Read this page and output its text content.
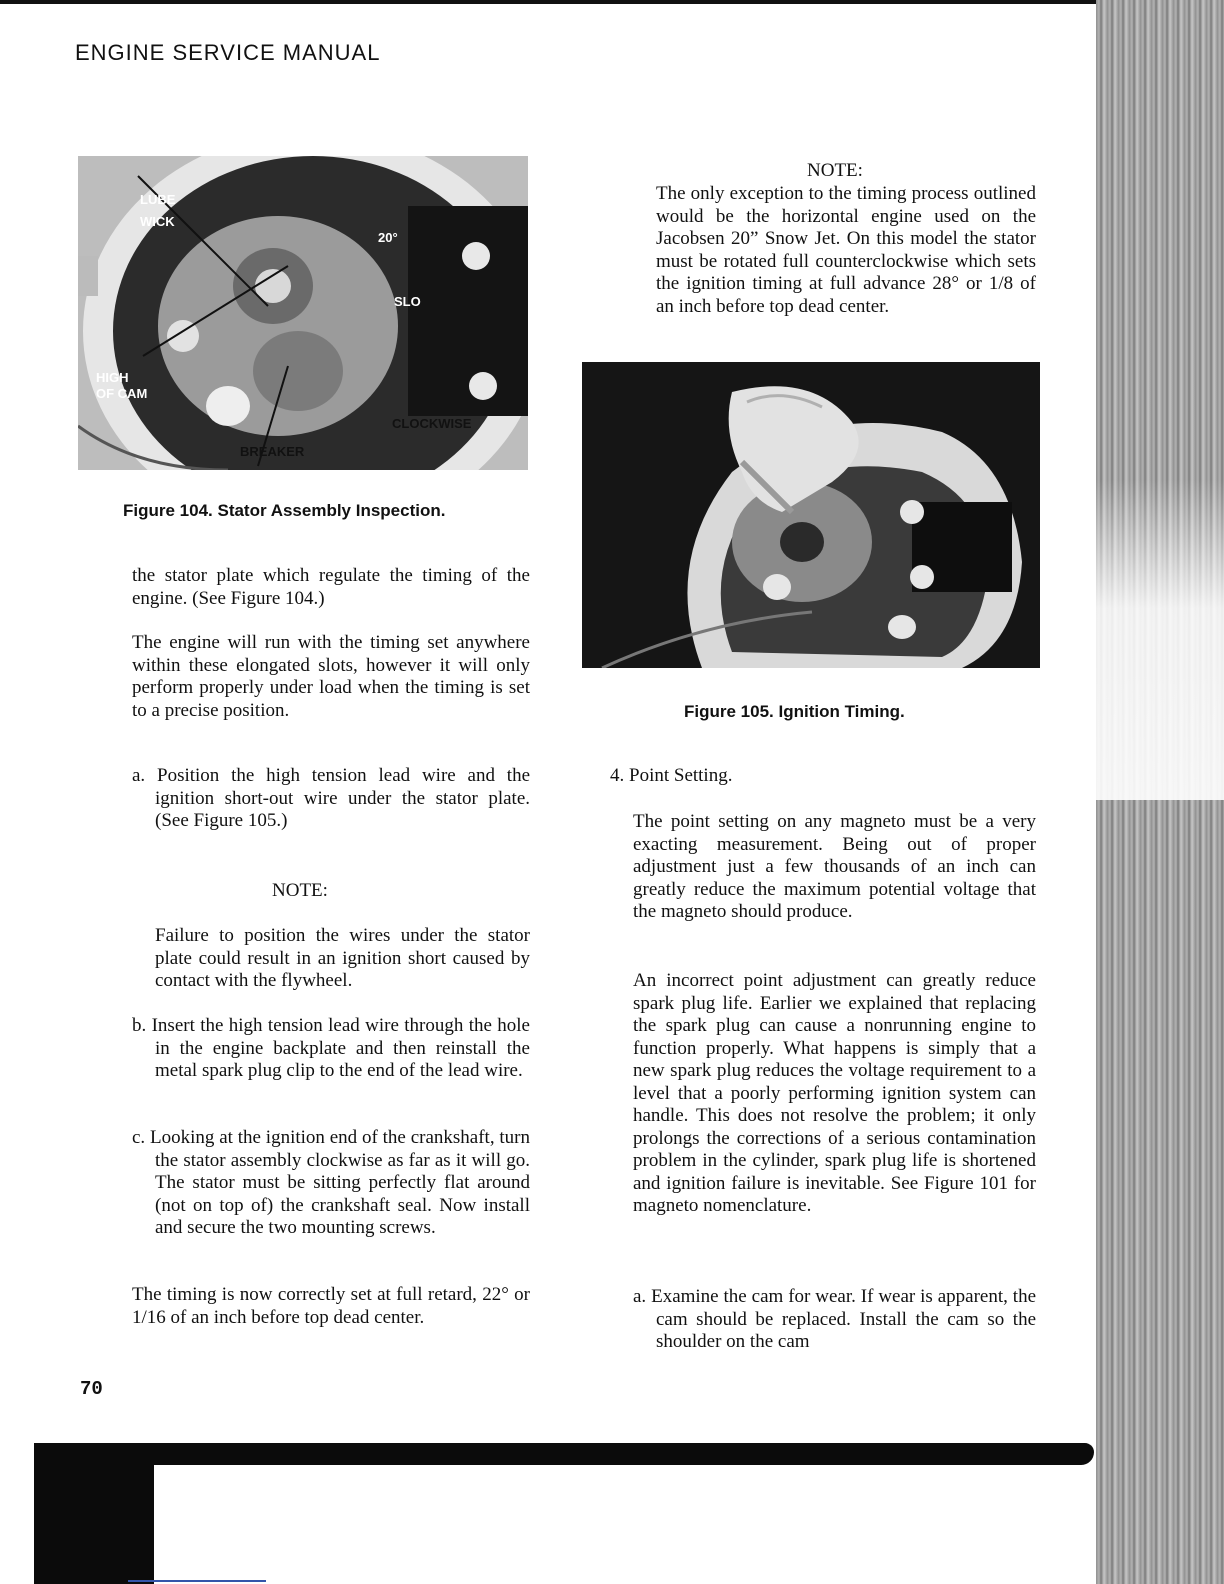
ENGINE SERVICE MANUAL
LUBE
WICK
20°
SLO
HIGH
OF CAM
CLOCKWISE
BREAKER
Figure 104. Stator Assembly Inspection.
Figure 105. Ignition Timing.
the stator plate which regulate the timing of the engine. (See Figure 104.)
The engine will run with the timing set anywhere within these elongated slots, however it will only perform properly under load when the timing is set to a precise position.
a. Position the high tension lead wire and the ignition short-out wire under the stator plate. (See Figure 105.)
NOTE:
Failure to position the wires under the stator plate could result in an ignition short caused by contact with the flywheel.
b. Insert the high tension lead wire through the hole in the engine backplate and then reinstall the metal spark plug clip to the end of the lead wire.
c. Looking at the ignition end of the crankshaft, turn the stator assembly clockwise as far as it will go. The stator must be sitting perfectly flat around (not on top of) the crankshaft seal. Now install and secure the two mounting screws.
The timing is now correctly set at full retard, 22° or 1/16 of an inch before top dead center.
NOTE:
The only exception to the timing process outlined would be the horizontal engine used on the Jacobsen 20” Snow Jet. On this model the stator must be rotated full counterclockwise which sets the ignition timing at full advance 28° or 1/8 of an inch before top dead center.
4. Point Setting.
The point setting on any magneto must be a very exacting measurement. Being out of proper adjustment just a few thousands of an inch can greatly reduce the maximum potential voltage that the magneto should produce.
An incorrect point adjustment can greatly reduce spark plug life. Earlier we explained that replacing the spark plug can cause a nonrunning engine to function properly. What happens is simply that a new spark plug reduces the voltage requirement to a level that a poorly performing ignition system can handle. This does not resolve the problem; it only prolongs the corrections of a serious contamination problem in the cylinder, spark plug life is shortened and ignition failure is inevitable. See Figure 101 for magneto nomenclature.
a. Examine the cam for wear. If wear is apparent, the cam should be replaced. Install the cam so the shoulder on the cam
70
